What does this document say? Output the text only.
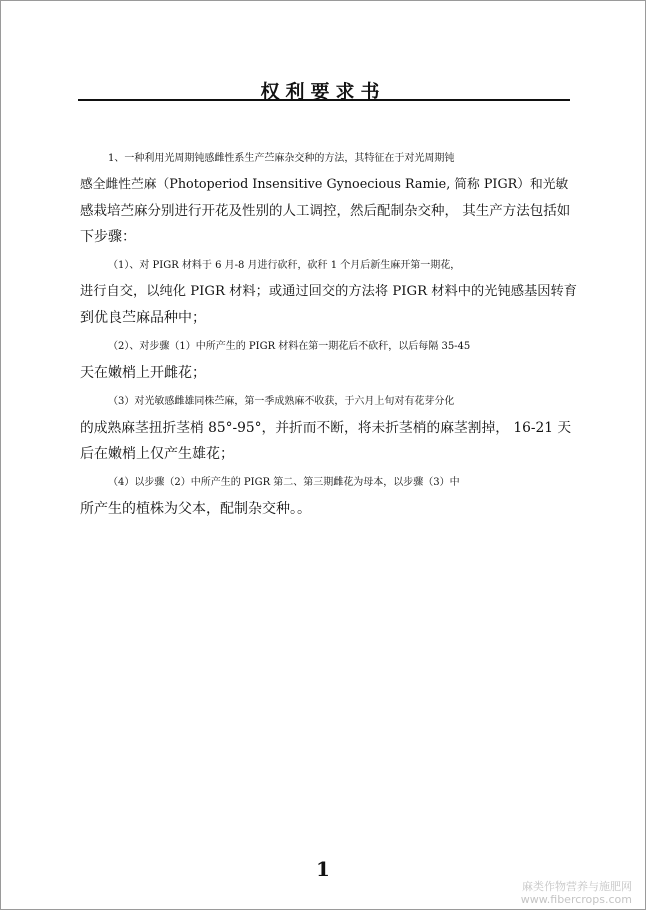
权利要求书
1、一种利用光周期钝感雌性系生产苎麻杂交种的方法，其特征在于对光周期钝
感全雌性苎麻（Photoperiod Insensitive Gynoecious Ramie, 简称 PIGR）和光敏
感栽培苎麻分别进行开花及性别的人工调控，然后配制杂交种， 其生产方法包括如
下步骤：
（1）、对 PIGR 材料于 6 月-8 月进行砍秆，砍秆 1 个月后新生麻开第一期花，
进行自交，以纯化 PIGR 材料；或通过回交的方法将 PIGR 材料中的光钝感基因转育
到优良苎麻品种中；
（2）、对步骤（1）中所产生的 PIGR 材料在第一期花后不砍秆，以后每隔 35-45
天在嫩梢上开雌花；
（3）对光敏感雌雄同株苎麻，第一季成熟麻不收获，于六月上旬对有花芽分化
的成熟麻茎扭折茎梢 85°-95°，并折而不断，将未折茎梢的麻茎割掉， 16-21 天
后在嫩梢上仅产生雄花；
（4）以步骤（2）中所产生的 PIGR 第二、第三期雌花为母本，以步骤（3）中
所产生的植株为父本，配制杂交种。。
1
麻类作物营养与施肥网
www.fibercrops.com
